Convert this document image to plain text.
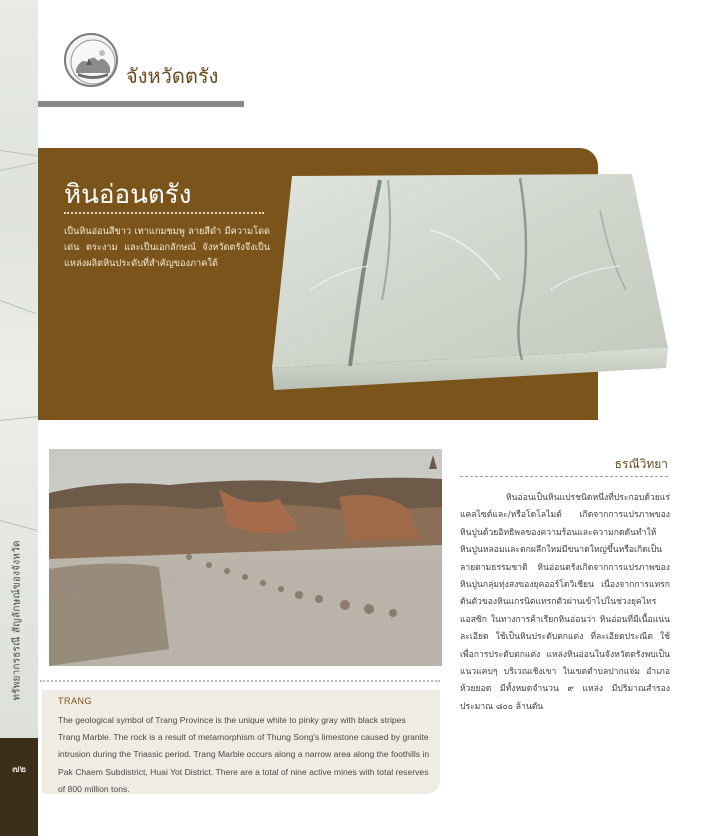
ทรัพยากรธรณี สัญลักษณ์ของจังหวัด
๗๒
จังหวัดตรัง
หินอ่อนตรัง
เป็นหินอ่อนสีขาว เทาแกมชมพู ลายสีดำ มีความโดดเด่น ตระงาม และเป็นเอกลักษณ์ จังหวัดตรังจึงเป็นแหล่งผลิตหินประดับที่สำคัญของภาคใต้
TRANG
The geological symbol of Trang Province is the unique white to pinky gray with black stripes Trang Marble. The rock is a result of metamorphism of Thung Song's limestone caused by granite intrusion during the Triassic period. Trang Marble occurs along a narrow area along the foothills in Pak Chaem Subdistrict, Huai Yot District. There are a total of nine active mines with total reserves of 800 million tons.
ธรณีวิทยา
หินอ่อนเป็นหินแปรชนิดหนึ่งที่ประกอบด้วยแร่แคลไซต์และ/หรือโดโลไมต์ เกิดจากการแปรภาพของหินปูนด้วยอิทธิพลของความร้อนและความกดดันทำให้หินปูนหลอมและตกผลึกใหม่มีขนาดใหญ่ขึ้นหรือเกิดเป็นลายตามธรรมชาติ หินอ่อนตรังเกิดจากการแปรภาพของหินปูนกลุ่มทุ่งสงของยุคออร์โดวิเชียน เนื่องจากการแทรกดันตัวของหินแกรนิตแทรกตัวผ่านเข้าไปในช่วงยุคไทรแอสซิก ในทางการค้าเรียกหินอ่อนว่า หินอ่อนที่มีเนื้อแน่นละเอียด ใช้เป็นหินประดับตกแต่ง ที่ละเอียดประณีต ใช้เพื่อการประดับตกแต่ง แหล่งหินอ่อนในจังหวัดตรังพบเป็นแนวแคบๆ บริเวณเชิงเขา ในเขตตำบลปากแจ่ม อำเภอห้วยยอด มีทั้งหมดจำนวน ๙ แหล่ง มีปริมาณสำรองประมาณ ๘๐๐ ล้านตัน
